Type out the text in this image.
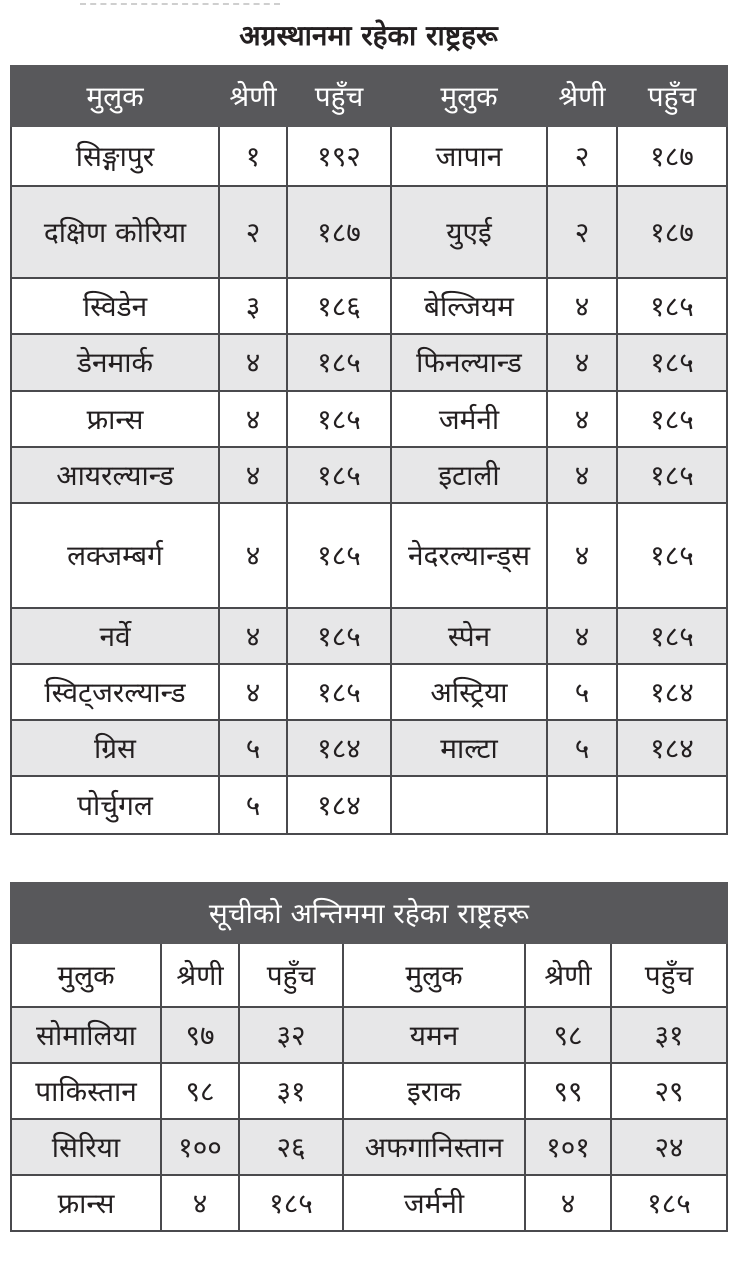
अग्रस्थानमा रहेका राष्ट्रहरू
मुलुक	श्रेणी	पहुँच	मुलुक	श्रेणी	पहुँच
सिङ्गापुर	१	१९२	जापान	२	१८७
दक्षिण कोरिया	२	१८७	युएई	२	१८७
स्विडेन	३	१८६	बेल्जियम	४	१८५
डेनमार्क	४	१८५	फिनल्यान्ड	४	१८५
फ्रान्स	४	१८५	जर्मनी	४	१८५
आयरल्यान्ड	४	१८५	इटाली	४	१८५
लक्जम्बर्ग	४	१८५	नेदरल्यान्ड्स	४	१८५
नर्वे	४	१८५	स्पेन	४	१८५
स्विट्जरल्यान्ड	४	१८५	अस्ट्रिया	५	१८४
ग्रिस	५	१८४	माल्टा	५	१८४
पोर्चुगल	५	१८४			
सूचीको अन्तिममा रहेका राष्ट्रहरू					
मुलुक	श्रेणी	पहुँच	मुलुक	श्रेणी	पहुँच
सोमालिया	९७	३२	यमन	९८	३१
पाकिस्तान	९८	३१	इराक	९९	२९
सिरिया	१००	२६	अफगानिस्तान	१०१	२४
फ्रान्स	४	१८५	जर्मनी	४	१८५
